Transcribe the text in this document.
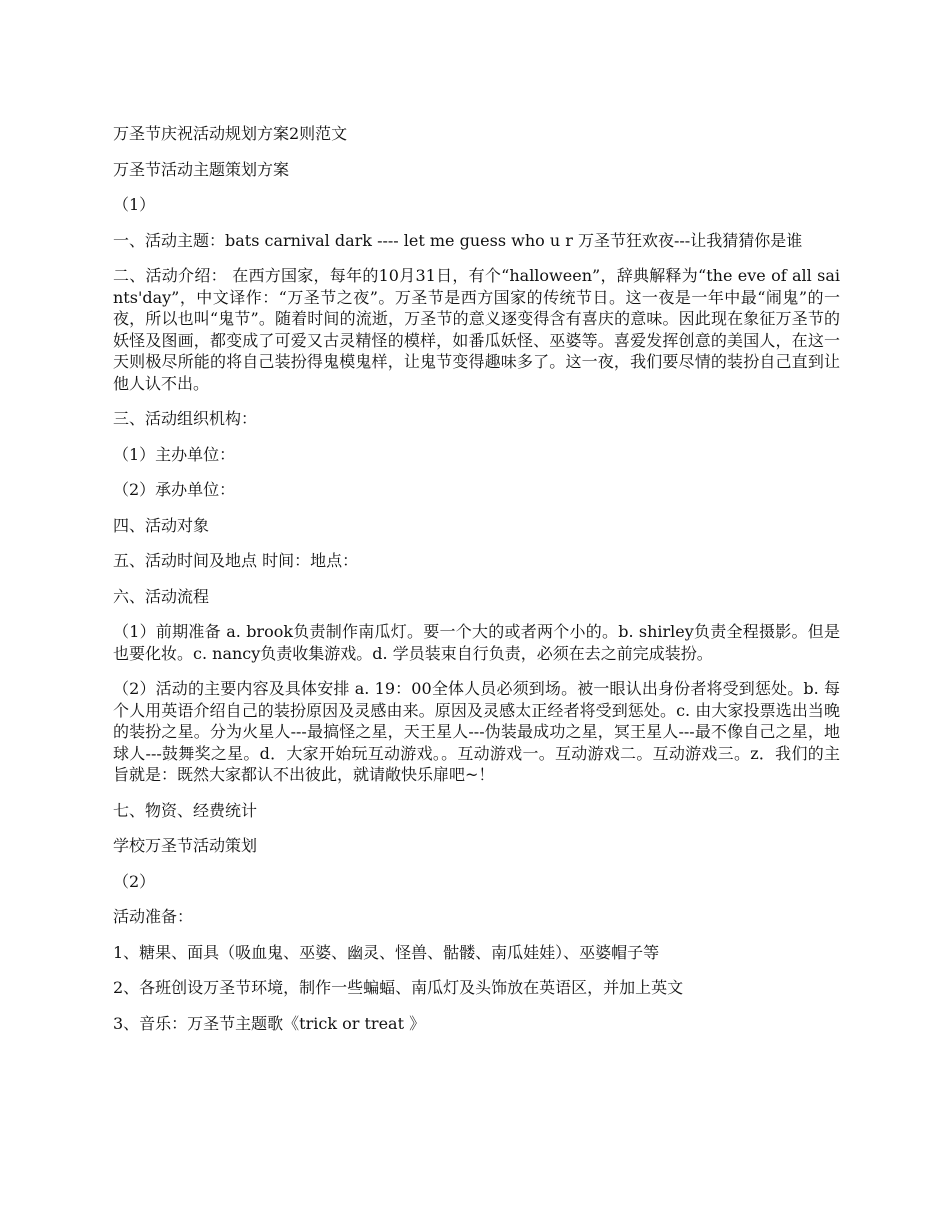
万圣节庆祝活动规划方案2则范文

万圣节活动主题策划方案

（1）

一、活动主题：bats carnival dark ---- let me guess who u r 万圣节狂欢夜---让我猜猜你是谁

二、活动介绍： 在西方国家，每年的10月31日，有个“halloween”，辞典解释为“the eve of all saints'day”，中文译作：“万圣节之夜”。万圣节是西方国家的传统节日。这一夜是一年中最“闹鬼”的一夜，所以也叫“鬼节”。随着时间的流逝，万圣节的意义逐变得含有喜庆的意味。因此现在象征万圣节的妖怪及图画，都变成了可爱又古灵精怪的模样，如番瓜妖怪、巫婆等。喜爱发挥创意的美国人，在这一天则极尽所能的将自己装扮得鬼模鬼样，让鬼节变得趣味多了。这一夜，我们要尽情的装扮自己直到让他人认不出。

三、活动组织机构：

（1）主办单位：

（2）承办单位：

四、活动对象

五、活动时间及地点 时间：地点：

六、活动流程

（1）前期准备 a. brook负责制作南瓜灯。要一个大的或者两个小的。b. shirley负责全程摄影。但是也要化妆。c. nancy负责收集游戏。d. 学员装束自行负责，必须在去之前完成装扮。

（2）活动的主要内容及具体安排 a. 19：00全体人员必须到场。被一眼认出身份者将受到惩处。b. 每个人用英语介绍自己的装扮原因及灵感由来。原因及灵感太正经者将受到惩处。c. 由大家投票选出当晚的装扮之星。分为火星人---最搞怪之星，天王星人---伪装最成功之星，冥王星人---最不像自己之星，地球人---鼓舞奖之星。d．大家开始玩互动游戏。。互动游戏一。互动游戏二。互动游戏三。z．我们的主旨就是：既然大家都认不出彼此，就请敞快乐扉吧~！

七、物资、经费统计

学校万圣节活动策划

（2）

活动准备：

1、糖果、面具（吸血鬼、巫婆、幽灵、怪兽、骷髅、南瓜娃娃）、巫婆帽子等

2、各班创设万圣节环境，制作一些蝙蝠、南瓜灯及头饰放在英语区，并加上英文

3、音乐：万圣节主题歌《trick or treat 》
